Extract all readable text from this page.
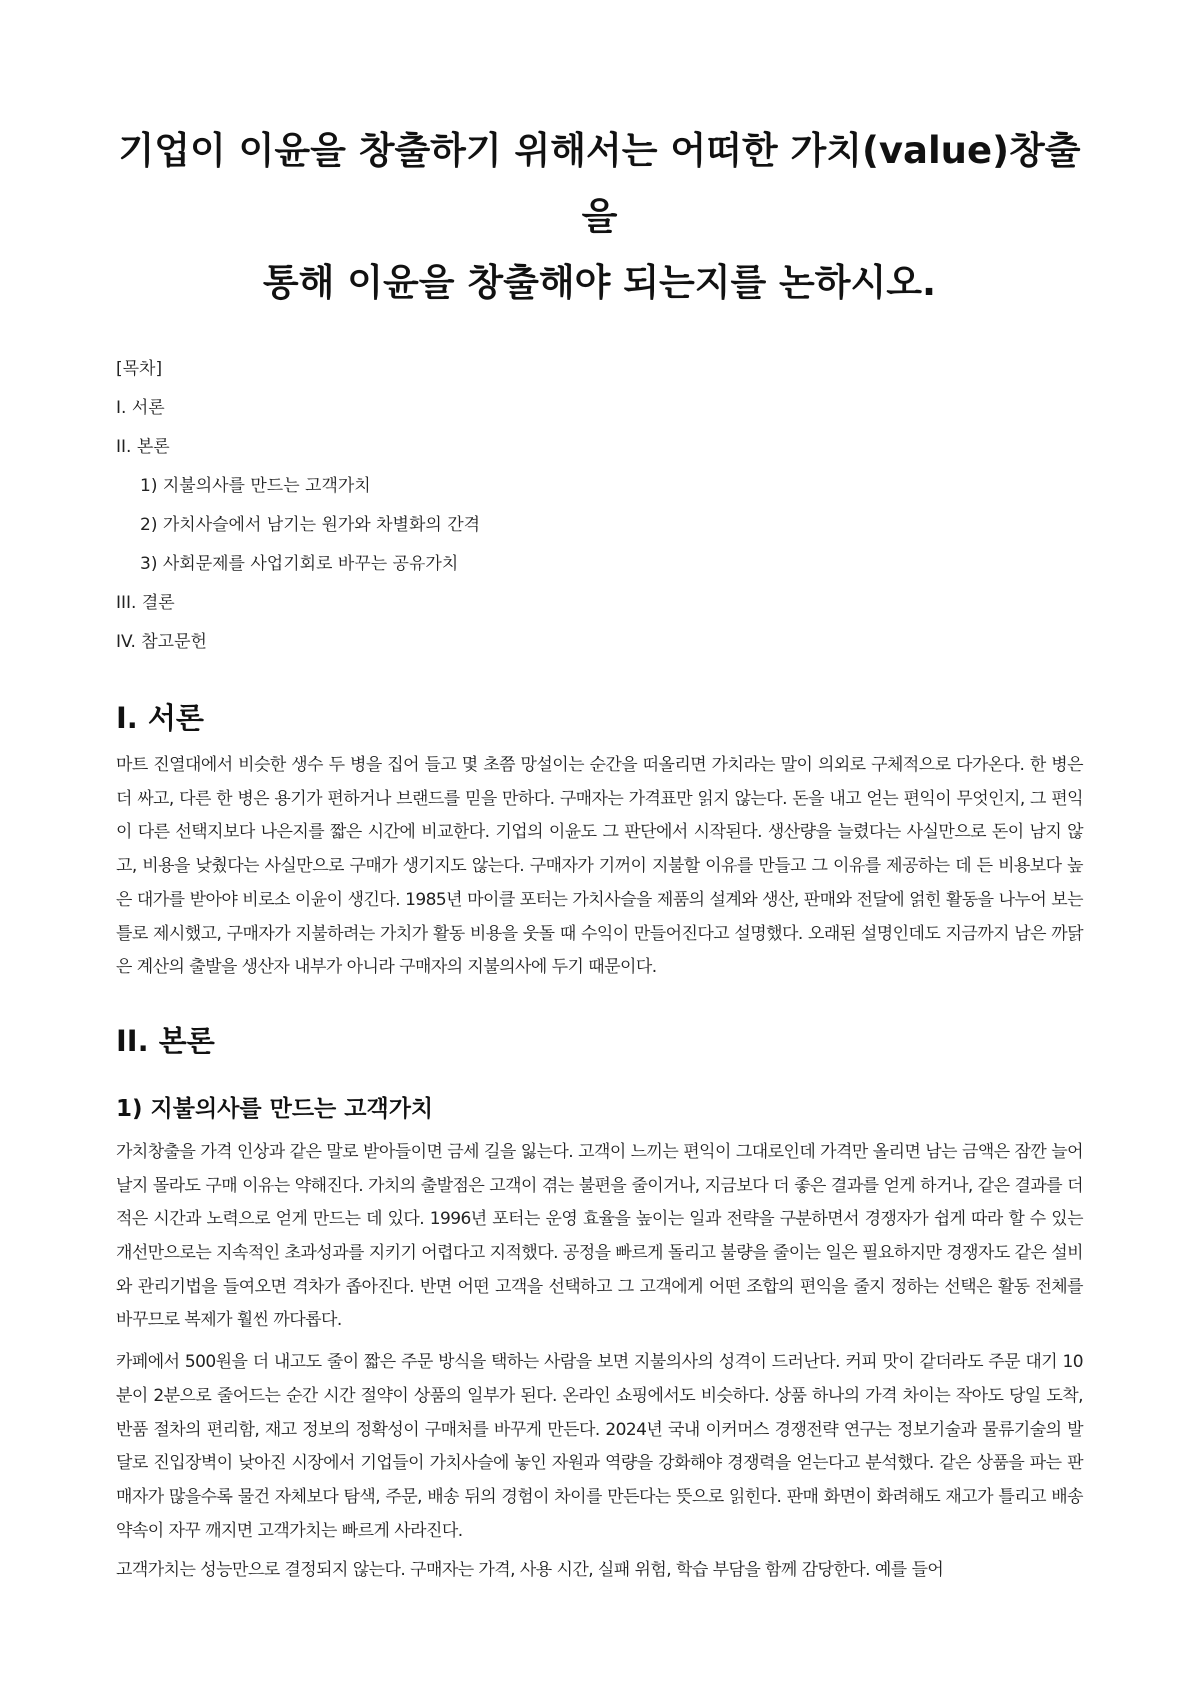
기업이 이윤을 창출하기 위해서는 어떠한 가치(value)창출을
통해 이윤을 창출해야 되는지를 논하시오.
[목차]
I. 서론
II. 본론
1) 지불의사를 만드는 고객가치
2) 가치사슬에서 남기는 원가와 차별화의 간격
3) 사회문제를 사업기회로 바꾸는 공유가치
III. 결론
IV. 참고문헌
I. 서론

마트 진열대에서 비슷한 생수 두 병을 집어 들고 몇 초쯤 망설이는 순간을 떠올리면 가치라는 말이 의외로 구체적으로 다가온다. 한 병은 더 싸고, 다른 한 병은 용기가 편하거나 브랜드를 믿을 만하다. 구매자는 가격표만 읽지 않는다. 돈을 내고 얻는 편익이 무엇인지, 그 편익이 다른 선택지보다 나은지를 짧은 시간에 비교한다. 기업의 이윤도 그 판단에서 시작된다. 생산량을 늘렸다는 사실만으로 돈이 남지 않고, 비용을 낮췄다는 사실만으로 구매가 생기지도 않는다. 구매자가 기꺼이 지불할 이유를 만들고 그 이유를 제공하는 데 든 비용보다 높은 대가를 받아야 비로소 이윤이 생긴다. 1985년 마이클 포터는 가치사슬을 제품의 설계와 생산, 판매와 전달에 얽힌 활동을 나누어 보는 틀로 제시했고, 구매자가 지불하려는 가치가 활동 비용을 웃돌 때 수익이 만들어진다고 설명했다. 오래된 설명인데도 지금까지 남은 까닭은 계산의 출발을 생산자 내부가 아니라 구매자의 지불의사에 두기 때문이다.

II. 본론
1) 지불의사를 만드는 고객가치

가치창출을 가격 인상과 같은 말로 받아들이면 금세 길을 잃는다. 고객이 느끼는 편익이 그대로인데 가격만 올리면 남는 금액은 잠깐 늘어날지 몰라도 구매 이유는 약해진다. 가치의 출발점은 고객이 겪는 불편을 줄이거나, 지금보다 더 좋은 결과를 얻게 하거나, 같은 결과를 더 적은 시간과 노력으로 얻게 만드는 데 있다. 1996년 포터는 운영 효율을 높이는 일과 전략을 구분하면서 경쟁자가 쉽게 따라 할 수 있는 개선만으로는 지속적인 초과성과를 지키기 어렵다고 지적했다. 공정을 빠르게 돌리고 불량을 줄이는 일은 필요하지만 경쟁자도 같은 설비와 관리기법을 들여오면 격차가 좁아진다. 반면 어떤 고객을 선택하고 그 고객에게 어떤 조합의 편익을 줄지 정하는 선택은 활동 전체를 바꾸므로 복제가 훨씬 까다롭다.

카페에서 500원을 더 내고도 줄이 짧은 주문 방식을 택하는 사람을 보면 지불의사의 성격이 드러난다. 커피 맛이 같더라도 주문 대기 10분이 2분으로 줄어드는 순간 시간 절약이 상품의 일부가 된다. 온라인 쇼핑에서도 비슷하다. 상품 하나의 가격 차이는 작아도 당일 도착, 반품 절차의 편리함, 재고 정보의 정확성이 구매처를 바꾸게 만든다. 2024년 국내 이커머스 경쟁전략 연구는 정보기술과 물류기술의 발달로 진입장벽이 낮아진 시장에서 기업들이 가치사슬에 놓인 자원과 역량을 강화해야 경쟁력을 얻는다고 분석했다. 같은 상품을 파는 판매자가 많을수록 물건 자체보다 탐색, 주문, 배송 뒤의 경험이 차이를 만든다는 뜻으로 읽힌다. 판매 화면이 화려해도 재고가 틀리고 배송 약속이 자꾸 깨지면 고객가치는 빠르게 사라진다.

고객가치는 성능만으로 결정되지 않는다. 구매자는 가격, 사용 시간, 실패 위험, 학습 부담을 함께 감당한다. 예를 들어
